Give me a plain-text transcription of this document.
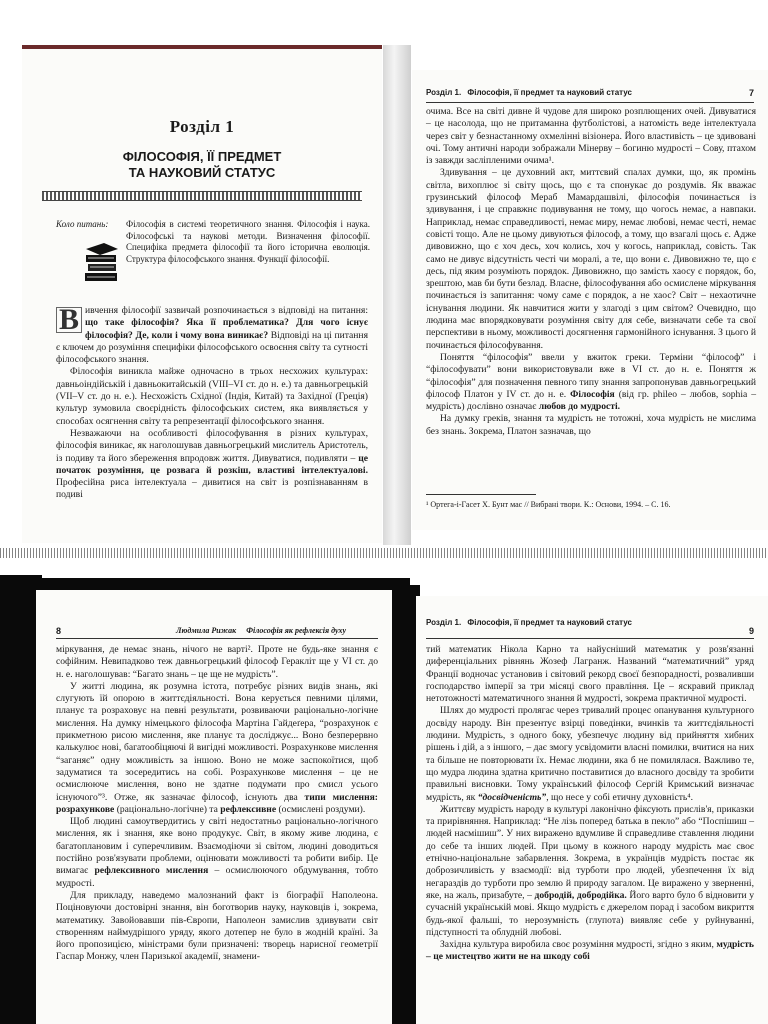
Розділ 1
ФІЛОСОФІЯ, ЇЇ ПРЕДМЕТ
ТА НАУКОВИЙ СТАТУС
Коло питань:	Філософія в системі теоретичного знання. Філософія і наука. Філософські та наукові методи. Визначення філософії. Специфіка предмета філософії та його історична еволюція. Структура філософського знання. Функції філософії.

В ивчення філософії зазвичай розпочинається з відповіді на питання: що таке філософія? Яка її проблематика? Для чого існує філософія? Де, коли і чому вона виникає? Відповіді на ці питання є ключем до розуміння специфіки філософського освоєння світу та сутності філософського знання.

Філософія виникла майже одночасно в трьох несхожих культурах: давньоіндійській і давньокитайській (VIII–VI ст. до н. е.) та давньогрецькій (VII–V ст. до н. е.). Несхожість Східної (Індія, Китай) та Західної (Греція) культур зумовила своєрідність філософських систем, яка виявляється у способах осягнення світу та репрезентації філософського знання.

Незважаючи на особливості філософування в різних культурах, філософія виникає, як наголошував давньогрецький мислитель Аристотель, із подиву та його збереження впродовж життя. Дивуватися, подивляти – це початок розуміння, це розвага й розкіш, властиві інтелектуалові. Професійна риса інтелектуала – дивитися на світ із розпізнаванням в подиві

Розділ 1. Філософія, її предмет та науковий статус	7

очима. Все на світі дивне й чудове для широко розплющених очей. Дивуватися – це насолода, що не притаманна футболістові, а натомість веде інтелектуала через світ у безнастанному охмелінні візіонера. Його властивість – це здивовані очі. Тому античні народи зображали Мінерву – богиню мудрості – Сову, птахом із завжди засліпленими очима¹.

Здивування – це духовний акт, миттєвий спалах думки, що, як промінь світла, вихоплює зі світу щось, що є та спонукає до роздумів. Як вважає грузинський філософ Мераб Мамардашвілі, філософія починається із здивування, і це справжнє подивування не тому, що чогось немає, а навпаки. Наприклад, немає справедливості, немає миру, немає любові, немає честі, немає совісті тощо. Але не цьому дивуються філософ, а тому, що взагалі щось є. Адже дивовижно, що є хоч десь, хоч колись, хоч у когось, наприклад, совість. Так само не дивує відсутність честі чи моралі, а те, що вони є. Дивовижно те, що є десь, під яким розуміють порядок. Дивовижно, що замість хаосу є порядок, бо, зрештою, мав би бути безлад. Власне, філософування або осмислене міркування починається із запитання: чому саме є порядок, а не хаос? Світ – нехаотичне існування людини. Як навчитися жити у злагоді з цим світом? Очевидно, що людина має впорядковувати розуміння світу для себе, визначати себе та свої перспективи в ньому, можливості досягнення гармонійного існування. З цього й починається філософування.

Поняття “філософія” ввели у вжиток греки. Терміни “філософ” і “філософувати” вони використовували вже в VI ст. до н. е. Поняття ж “філософія” для позначення певного типу знання запропонував давньогрецький філософ Платон у IV ст. до н. е. Філософія (від гр. phileo – любов, sophia – мудрість) дослівно означає любов до мудрості.

На думку греків, знання та мудрість не тотожні, хоча мудрість не мислима без знань. Зокрема, Платон зазначав, що

¹ Ортега-і-Гасет Х. Бунт мас // Вибрані твори. К.: Основи, 1994. – С. 16.
8	Людмила Рижак Філософія як рефлексія духу

міркування, де немає знань, нічого не варті². Проте не будь-яке знання є софійним. Невипадково теж давньогрецький філософ Геракліт ще у VI ст. до н. е. наголошував: “Багато знань – це ще не мудрість”.

У житті людина, як розумна істота, потребує різних видів знань, які слугують їй опорою в життєдіяльності. Вона керується певними цілями, планує та розраховує на певні результати, розвиваючи раціонально-логічне мислення. На думку німецького філософа Мартіна Гайдеґера, “розрахунок є прикметною рисою мислення, яке планує та досліджує... Воно безперервно калькулює нові, багатообіцяючі й вигідні можливості. Розрахункове мислення “заганяє” одну можливість за іншою. Воно не може заспокоїтися, щоб задуматися та зосередитись на собі. Розрахункове мислення – це не осмислююче мислення, воно не здатне подумати про смисл усього існуючого”³. Отже, як зазначає філософ, існують два типи мислення: розрахункове (раціонально-логічне) та рефлексивне (осмислені роздуми).

Щоб людині самоутвердитись у світі недостатньо раціонально-логічного мислення, як і знання, яке воно продукує. Світ, в якому живе людина, є багатоплановим і суперечливим. Взаємодіючи зі світом, людині доводиться постійно розв'язувати проблеми, оцінювати можливості та робити вибір. Це вимагає рефлексивного мислення – осмислюючого обдумування, тобто мудрості.

Для прикладу, наведемо малознаний факт із біографії Наполеона. Поціновуючи достовірні знання, він боготворив науку, науковців і, зокрема, математику. Завойовавши пів-Європи, Наполеон замислив здивувати світ створенням наймудрішого уряду, якого дотепер не було в жодній країні. За його пропозицією, міністрами були призначені: творець нарисної геометрії Гаспар Монжу, член Паризької академії, знамени-

Розділ 1. Філософія, її предмет та науковий статус
9

тий математик Нікола Карно та найусніший математик у розв'язанні диференціальних рівнянь Жозеф Лагранж. Названий “математичний” уряд Франції водночас установив і світовий рекорд своєї безпорадності, розваливши господарство імперії за три місяці свого правління. Це – яскравий приклад нетотожності математичного знання й мудрості, зокрема практичної мудрості.

Шлях до мудрості пролягає через тривалий процес опанування культурного досвіду народу. Він презентує взірці поведінки, вчинків та життєдіяльності людини. Мудрість, з одного боку, убезпечує людину від прийняття хибних рішень і дій, а з іншого, – дає змогу усвідомити власні помилки, вчитися на них та більше не повторювати їх. Немає людини, яка б не помилялася. Важливо те, що мудра людина здатна критично поставитися до власного досвіду та зробити правильні висновки. Тому український філософ Сергій Кримський визначає мудрість, як “досвідченість”, що несе у собі етичну духовність⁴.

Життєву мудрість народу в культурі лаконічно фіксують прислів'я, приказки та прирівняння. Наприклад: “Не лізь поперед батька в пекло” або “Поспішиш – людей насмішиш”. У них виражено вдумливе й справедливе ставлення людини до себе та інших людей. При цьому в кожного народу мудрість має своє етнічно-національне забарвлення. Зокрема, в українців мудрість постає як доброзичливість у взаємодії: від турботи про людей, убезпечення їх від негараздів до турботи про землю й природу загалом. Це виражено у зверненні, яке, на жаль, призабуте, – добродій, добродійка. Його варто було б відновити у сучасній українській мові. Якщо мудрість є джерелом порад і засобом викриття будь-якої фальші, то нерозумність (глупота) виявляє себе у руйнуванні, підступності та облудній любові.

Західна культура виробила своє розуміння мудрості, згідно з яким, мудрість – це мистецтво жити не на шкоду собі
